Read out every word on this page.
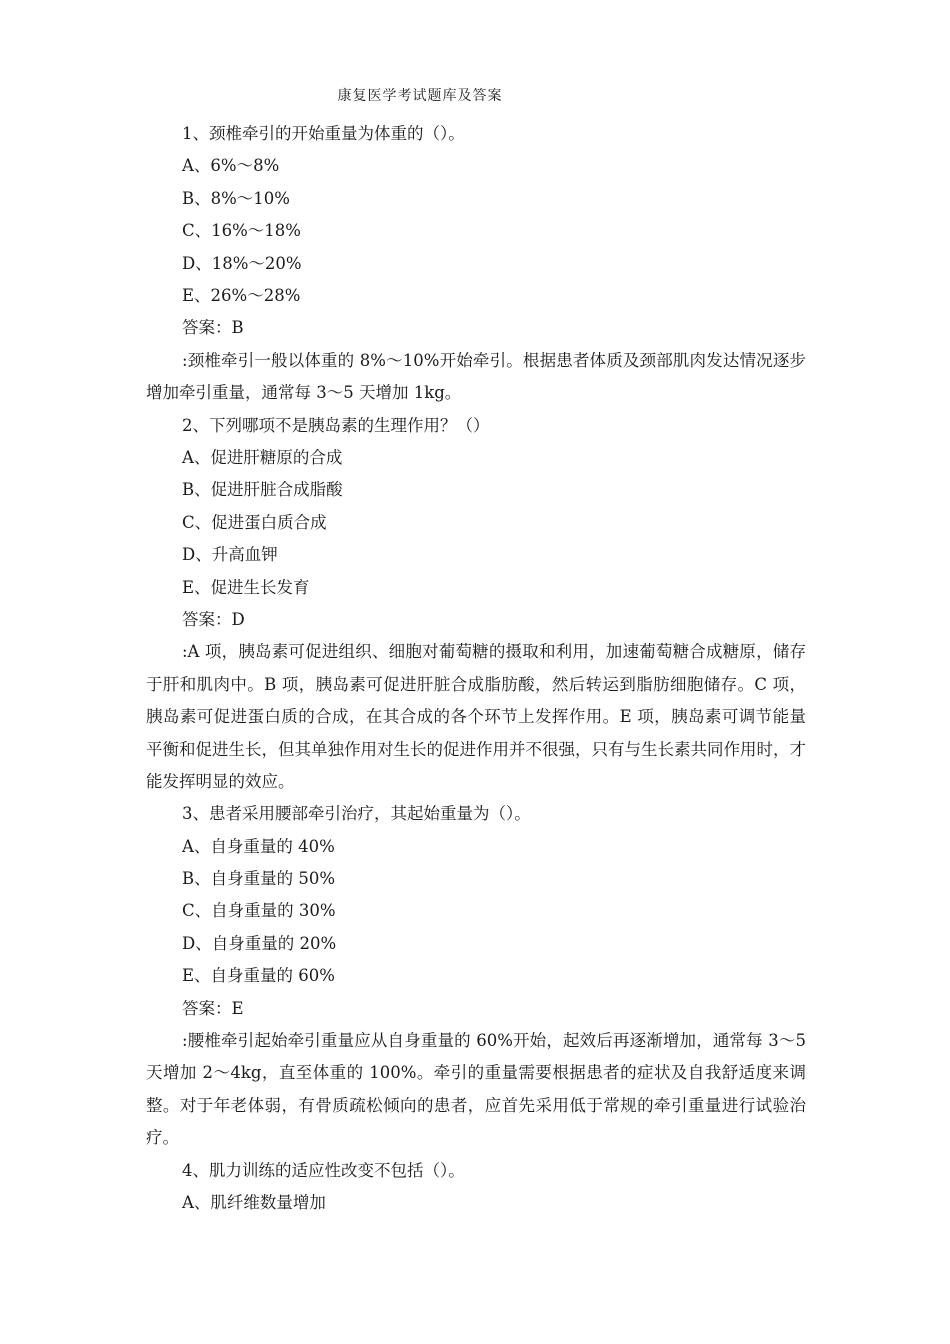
康复医学考试题库及答案
1、颈椎牵引的开始重量为体重的（）。
A、6%～8%
B、8%～10%
C、16%～18%
D、18%～20%
E、26%～28%
答案：B
:颈椎牵引一般以体重的 8%～10%开始牵引。根据患者体质及颈部肌肉发达情况逐步增加牵引重量，通常每 3～5 天增加 1kg。
2、下列哪项不是胰岛素的生理作用？（）
A、促进肝糖原的合成
B、促进肝脏合成脂酸
C、促进蛋白质合成
D、升高血钾
E、促进生长发育
答案：D
:A 项，胰岛素可促进组织、细胞对葡萄糖的摄取和利用，加速葡萄糖合成糖原，储存于肝和肌肉中。B 项，胰岛素可促进肝脏合成脂肪酸，然后转运到脂肪细胞储存。C 项，胰岛素可促进蛋白质的合成，在其合成的各个环节上发挥作用。E 项，胰岛素可调节能量平衡和促进生长，但其单独作用对生长的促进作用并不很强，只有与生长素共同作用时，才能发挥明显的效应。
3、患者采用腰部牵引治疗，其起始重量为（）。
A、自身重量的 40%
B、自身重量的 50%
C、自身重量的 30%
D、自身重量的 20%
E、自身重量的 60%
答案：E
:腰椎牵引起始牵引重量应从自身重量的 60%开始，起效后再逐渐增加，通常每 3～5 天增加 2～4kg，直至体重的 100%。牵引的重量需要根据患者的症状及自我舒适度来调整。对于年老体弱，有骨质疏松倾向的患者，应首先采用低于常规的牵引重量进行试验治疗。
4、肌力训练的适应性改变不包括（）。
A、肌纤维数量增加
